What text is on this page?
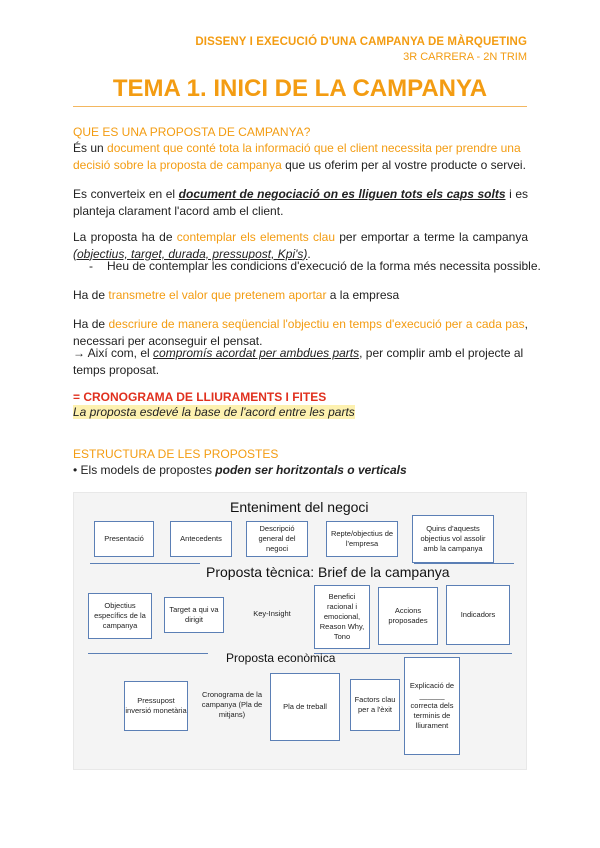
DISSENY I EXECUCIÓ D'UNA CAMPANYA DE MÀRQUETING
3R CARRERA - 2N TRIM
TEMA 1. INICI DE LA CAMPANYA
QUE ES UNA PROPOSTA DE CAMPANYA?
És un document que conté tota la informació que el client necessita per prendre una decisió sobre la proposta de campanya que us oferim per al vostre producte o servei.
Es converteix en el document de negociació on es lliguen tots els caps solts i es planteja clarament l'acord amb el client.
La proposta ha de contemplar els elements clau per emportar a terme la campanya (objectius, target, durada, pressupost, Kpi's).
- Heu de contemplar les condicions d'execució de la forma més necessita possible.
Ha de transmetre el valor que pretenem aportar a la empresa
Ha de descriure de manera seqüencial l'objectiu en temps d'execució per a cada pas, necessari per aconseguir el pensat.
→ Així com, el compromís acordat per ambdues parts, per complir amb el projecte al temps proposat.
= CRONOGRAMA DE LLIURAMENTS I FITES
La proposta esdevé la base de l'acord entre les parts
ESTRUCTURA DE LES PROPOSTES
• Els models de propostes poden ser horitzontals o verticals
Enteniment del negoci
Presentació	Antecedents
Descripció general del negoci
Repte/objectius de l'empresa
Quins d'aquests objectius vol assolir amb la campanya
Proposta tècnica: Brief de la campanya
Objectius específics de la campanya
Target a qui va dirigit
Key-Insight
Benefici racional i emocional, Reason Why, Tono
Accions proposades
Indicadors
Proposta econòmica
Pressupost inversió monetària
Cronograma de la campanya (Pla de mitjans)
Pla de treball
Factors clau per a l'èxit
Explicació de ______ correcta dels terminis de lliurament
